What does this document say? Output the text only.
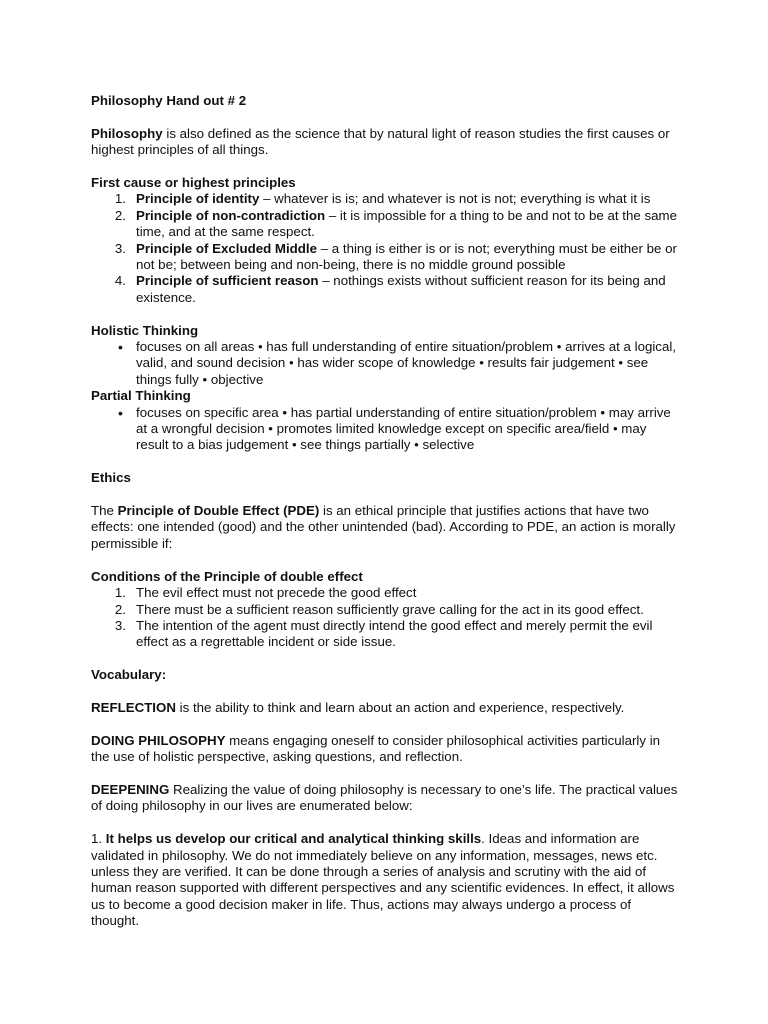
Philosophy Hand out # 2

Philosophy is also defined as the science that by natural light of reason studies the first causes or highest principles of all things.

First cause or highest principles

1. Principle of identity – whatever is is; and whatever is not is not; everything is what it is
2. Principle of non-contradiction – it is impossible for a thing to be and not to be at the same time, and at the same respect.
3. Principle of Excluded Middle – a thing is either is or is not; everything must be either be or not be; between being and non-being, there is no middle ground possible
4. Principle of sufficient reason – nothings exists without sufficient reason for its being and existence.

Holistic Thinking

• focuses on all areas • has full understanding of entire situation/problem • arrives at a logical, valid, and sound decision • has wider scope of knowledge • results fair judgement • see things fully • objective

Partial Thinking

• focuses on specific area • has partial understanding of entire situation/problem • may arrive at a wrongful decision • promotes limited knowledge except on specific area/field • may result to a bias judgement • see things partially • selective

Ethics

The Principle of Double Effect (PDE) is an ethical principle that justifies actions that have two effects: one intended (good) and the other unintended (bad). According to PDE, an action is morally permissible if:

Conditions of the Principle of double effect

1. The evil effect must not precede the good effect
2. There must be a sufficient reason sufficiently grave calling for the act in its good effect.
3. The intention of the agent must directly intend the good effect and merely permit the evil effect as a regrettable incident or side issue.

Vocabulary:

REFLECTION is the ability to think and learn about an action and experience, respectively.

DOING PHILOSOPHY means engaging oneself to consider philosophical activities particularly in the use of holistic perspective, asking questions, and reflection.

DEEPENING Realizing the value of doing philosophy is necessary to one’s life. The practical values of doing philosophy in our lives are enumerated below:

1. It helps us develop our critical and analytical thinking skills. Ideas and information are validated in philosophy. We do not immediately believe on any information, messages, news etc. unless they are verified. It can be done through a series of analysis and scrutiny with the aid of human reason supported with different perspectives and any scientific evidences. In effect, it allows us to become a good decision maker in life. Thus, actions may always undergo a process of thought.
